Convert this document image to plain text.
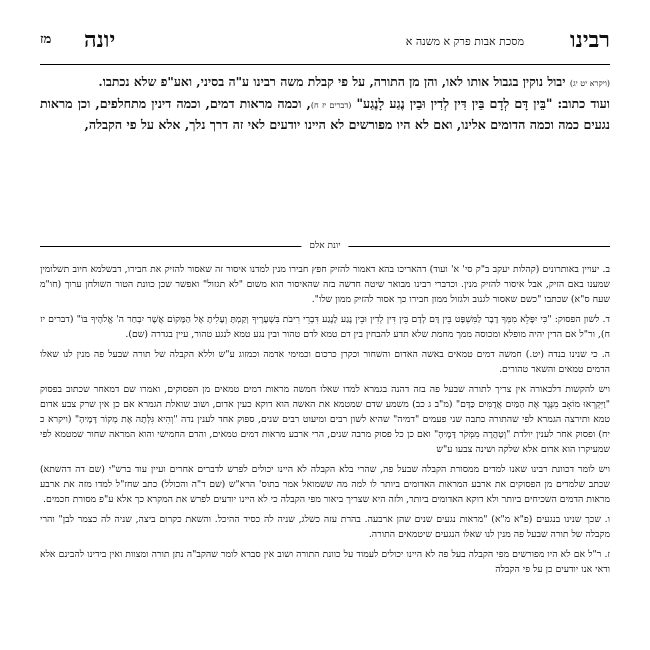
רבינו
מסכת אבות פרק א משנה א
יונה
מז

(ויקרא יט יג) יבול נוקין בגבול אותו לאו, והן מן התורה, על פי קבלת משה רבינו ע"ה בסיני, ואע"פ שלא נכתבו.

ועוד כתוב: "בֵּין דָּם לְדָם בֵּין דִּין לְדִין וּבֵין נֶגַע לָנֶגַע" (דברים יז ח), וכמה מראות דמים, וכמה דינין מתחלפים, וכן מראות נגעים כמה וכמה הדומים אלינו, ואם לא היו מפורשים לא היינו יודעים לאי זה דרך נלך, אלא על פי הקבלה,

יונת אלם

ב. יעויין באותרונים (קהלות יעקב ב"ק סי' א' ועוד) דהאריכו בהא דאמור להזיק חפץ חבירו מנין למדנו איסור זה שאסור להזיק את חבירו, דבשלמא חיוב תשלומין שמענו באם הזיק, אבל איסור להזיק מנין. וכדברי רבינו מבואר שיטה חדשה בזה שהאיסור הוא משום "לא תגזול" ואפשר שכן כוונת הטור השולחן ערוך (חו"מ שעח ס"א) שכתבו "כשם שאסור לגנוב ולגזול ממון חבירו כך אסור להזיק ממון שלו".

ד. לשון הפסוק: "כִּי יִפָּלֵא מִמְּךָ דָבָר לַמִּשְׁפָּט בֵּין דָּם לְדָם בֵּין דִּין לְדִין וּבֵין נֶגַע לָנֶגַע דִּבְרֵי רִיבֹת בִּשְׁעָרֶיךָ וְקַמְתָּ וְעָלִיתָ אֶל הַמָּקוֹם אֲשֶׁר יִבְחַר ה' אֱלֹהֶיךָ בּוֹ" (דברים יז ח), ור"ל אם הדין יהיה מופלא ומכוסה ממך מחמת שלא תדע להבחין בין דם טמא לדם טהור ובין נגע טמא לנגע טהור, עיין בגדרה (שם).

ה. כי שנינו בנדה (יט.) חמשה דמים טמאים באשה האדום והשחור וכקרן כרכום וכמימי אדמה וכמזוג ע"ש וללא הקבלה של תורה שבעל פה מנין לנו שאלו הדמים טמאים והשאר טהורים.

ויש להקשות דלכאורה אין צריך לתורה שבעל פה בזה דהנה בגמרא למדו שאלו חמשה מראות דמים טמאים מן הפסוקים, ואמרו שם דמאחר שכתוב בפסוק "וַיִּקְרְאוּ מוֹאָב מִנֶּגֶד אֶת הַמַּיִם אֲדֻמִּים כַּדָּם" (מ"ב ג כב) משמע שדם שמטמא את האשה הוא דוקא כעין אדום, ושוב שואלת הגמרא אם כן אין שרק צבע אדום טמא ותירצה הגמרא לפי שהתורה כתבה שני פעמים "דמיה" שהיא לשון רבים ומיעוט רבים שנים, ספוק אחד לענין נדה "וְהִיא גִּלְּתָה אֶת מְקוֹר דָּמֶיהָ" (ויקרא כ יח) ופסוק אחר לענין יולדת "וְטָהֲרָה מִמְּקֹר דָּמֶיהָ" ואם כן כל פסוק מרבה שנים, הרי ארבע מראות דמים טמאים, והדם החמישי והוא המראה שחור שמטמא לפי שמעיקרו הוא אדום אלא שלקה ושינה צבעו ע"ש

ויש לומר דכוונת רבינו שאנו למדים ממסורת הקבלה שבעל פה, שהרי בלא הקבלה לא היינו יכולים לפרש לדברים אחרים ועיין עוד ברש"י (שם דה דהשתא) שכתב שלמדים מן הפסוקים את ארבע המראות האדומים ביותר לו למה מה ששמואל אמר בתוס' הרא"ש (שם ד"ה והכולל) כתב שחז"ל למדו מזה את ארבע מראות הדמים השכיחים ביותר ולא דוקא האדומים ביותר, ולזה היא שצריך ביאור מפי הקבלה כי לא היינו יודעים לפרש את המקרא כך אלא ע"פ מסורת חכמים.

ו. שכך שנינו בנגעים (פ"א מ"א) "מראות נגעים שנים שהן ארבעה. בהרת עזה כשלג, שניה לה כסיד ההיכל. והשאת כקרום ביצה, שניה לה כצמר לבן" והרי מקבלה של תורה שבעל פה מנין לנו שאלו הנגעים שיטמאים התורה.

ז. ר"ל אם לא היו מפורשים מפי הקבלה בעל פה לא היינו יכולים לעמוד על כוונת התורה ושוב אין סברא לומר שהקב"ה נתן תורה ומצוות ואין בידינו להבינם אלא ודאי אנו יודעים כן על פי הקבלה
